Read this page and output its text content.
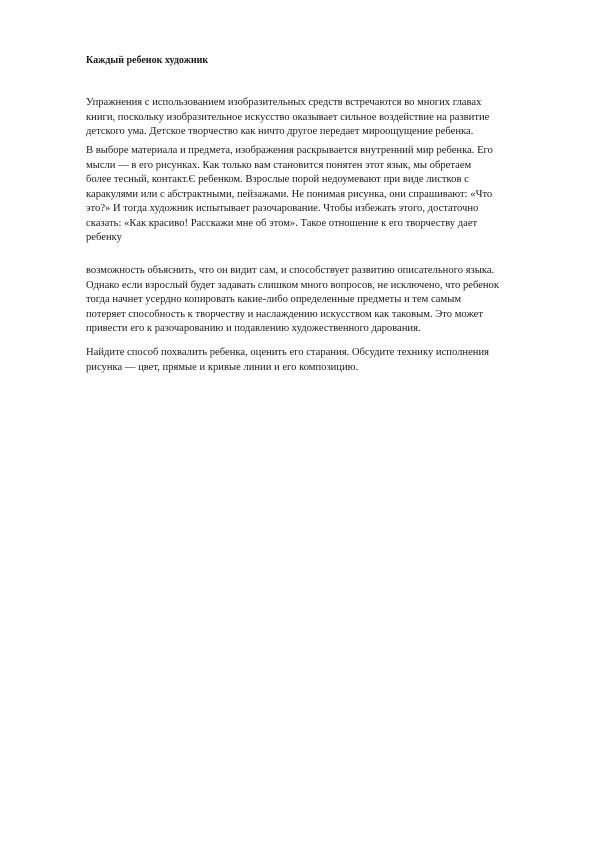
Каждый ребенок художник
Упражнения с использованием изобразительных средств встречаются во многих главах
книги, поскольку изобразительное искусство оказывает сильное воздействие на развитие
детского ума. Детское творчество как ничто другое передает мироощущение ребенка.
В выборе материала и предмета, изображения раскрывается внутренний мир ребенка. Его
мысли — в его рисунках. Как только вам становится понятен этот язык, мы обретаем
более тесный, контакт.Є ребенком. Взрослые порой недоумевают при виде листков с
каракулями или с абстрактными, пейзажами. Не понимая рисунка, они спрашивают: «Что
это?» И тогда художник испытывает разочарование. Чтобы избежать этого, достаточно
сказать: «Как красиво! Расскажи мне об этом». Такое отношение к его творчеству дает
ребенку
возможность объяснить, что он видит сам, и способствует развитию описательного языка.
Однако если взрослый будет задавать слишком много вопросов, не исключено, что ребенок
тогда начнет усердно копировать какие-либо определенные предметы и тем самым
потеряет способность к творчеству и наслаждению искусством как таковым. Это может
привести его к разочарованию и подавлению художественного дарования.
Найдите способ похвалить ребенка, оценить его старания. Обсудите технику исполнения
рисунка — цвет, прямые и кривые линии и его композицию.
